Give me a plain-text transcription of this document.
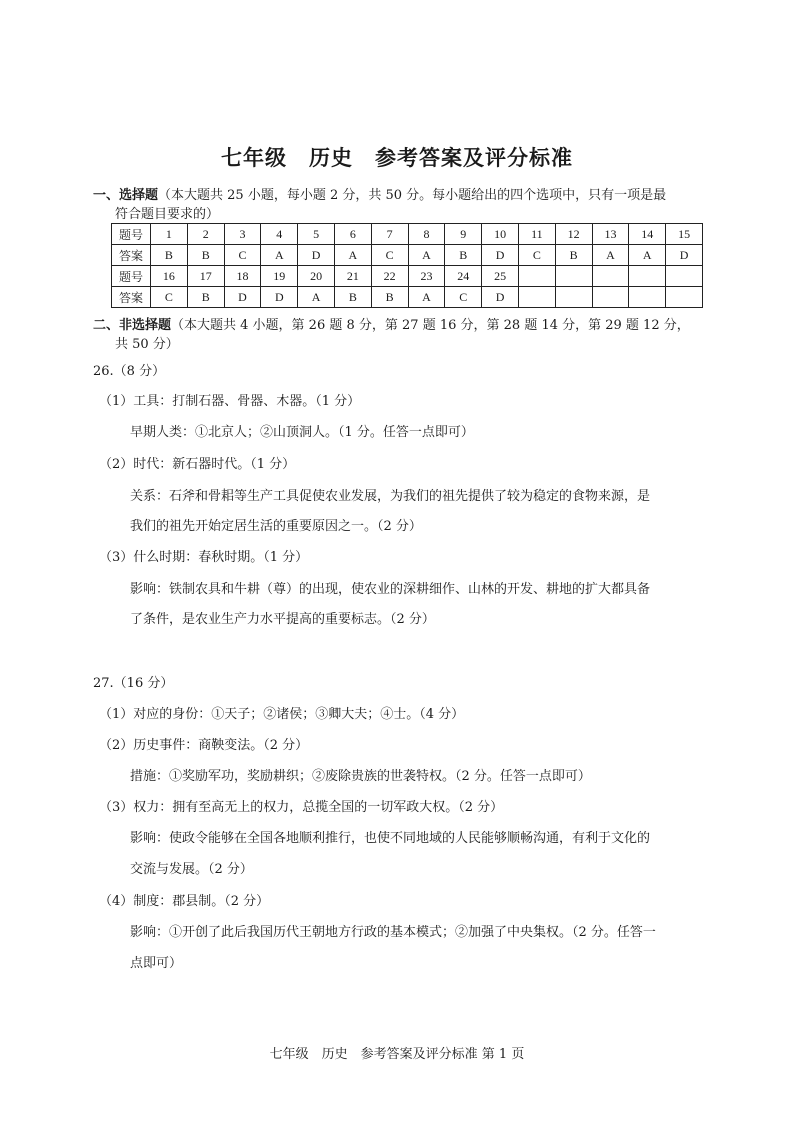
七年级　历史　参考答案及评分标准
一、选择题（本大题共 25 小题，每小题 2 分，共 50 分。每小题给出的四个选项中，只有一项是最
符合题目要求的）
题号	1	2	3	4	5	6	7	8	9	10	11	12	13	14	15
答案	B	B	C	A	D	A	C	A	B	D	C	B	A	A	D
题号	16	17	18	19	20	21	22	23	24	25					
答案	C	B	D	D	A	B	B	A	C	D					
二、非选择题（本大题共 4 小题，第 26 题 8 分，第 27 题 16 分，第 28 题 14 分，第 29 题 12 分，
共 50 分）
26.（8 分）
（1）工具：打制石器、骨器、木器。（1 分）
早期人类：①北京人；②山顶洞人。（1 分。任答一点即可）
（2）时代：新石器时代。（1 分）
关系：石斧和骨耜等生产工具促使农业发展，为我们的祖先提供了较为稳定的食物来源，是
我们的祖先开始定居生活的重要原因之一。（2 分）
（3）什么时期：春秋时期。（1 分）
影响：铁制农具和牛耕（尊）的出现，使农业的深耕细作、山林的开发、耕地的扩大都具备
了条件，是农业生产力水平提高的重要标志。（2 分）
27.（16 分）
（1）对应的身份：①天子；②诸侯；③卿大夫；④士。（4 分）
（2）历史事件：商鞅变法。（2 分）
措施：①奖励军功，奖励耕织；②废除贵族的世袭特权。（2 分。任答一点即可）
（3）权力：拥有至高无上的权力，总揽全国的一切军政大权。（2 分）
影响：使政令能够在全国各地顺利推行，也使不同地域的人民能够顺畅沟通，有利于文化的
交流与发展。（2 分）
（4）制度：郡县制。（2 分）
影响：①开创了此后我国历代王朝地方行政的基本模式；②加强了中央集权。（2 分。任答一
点即可）
七年级　历史　参考答案及评分标准 第 1 页
